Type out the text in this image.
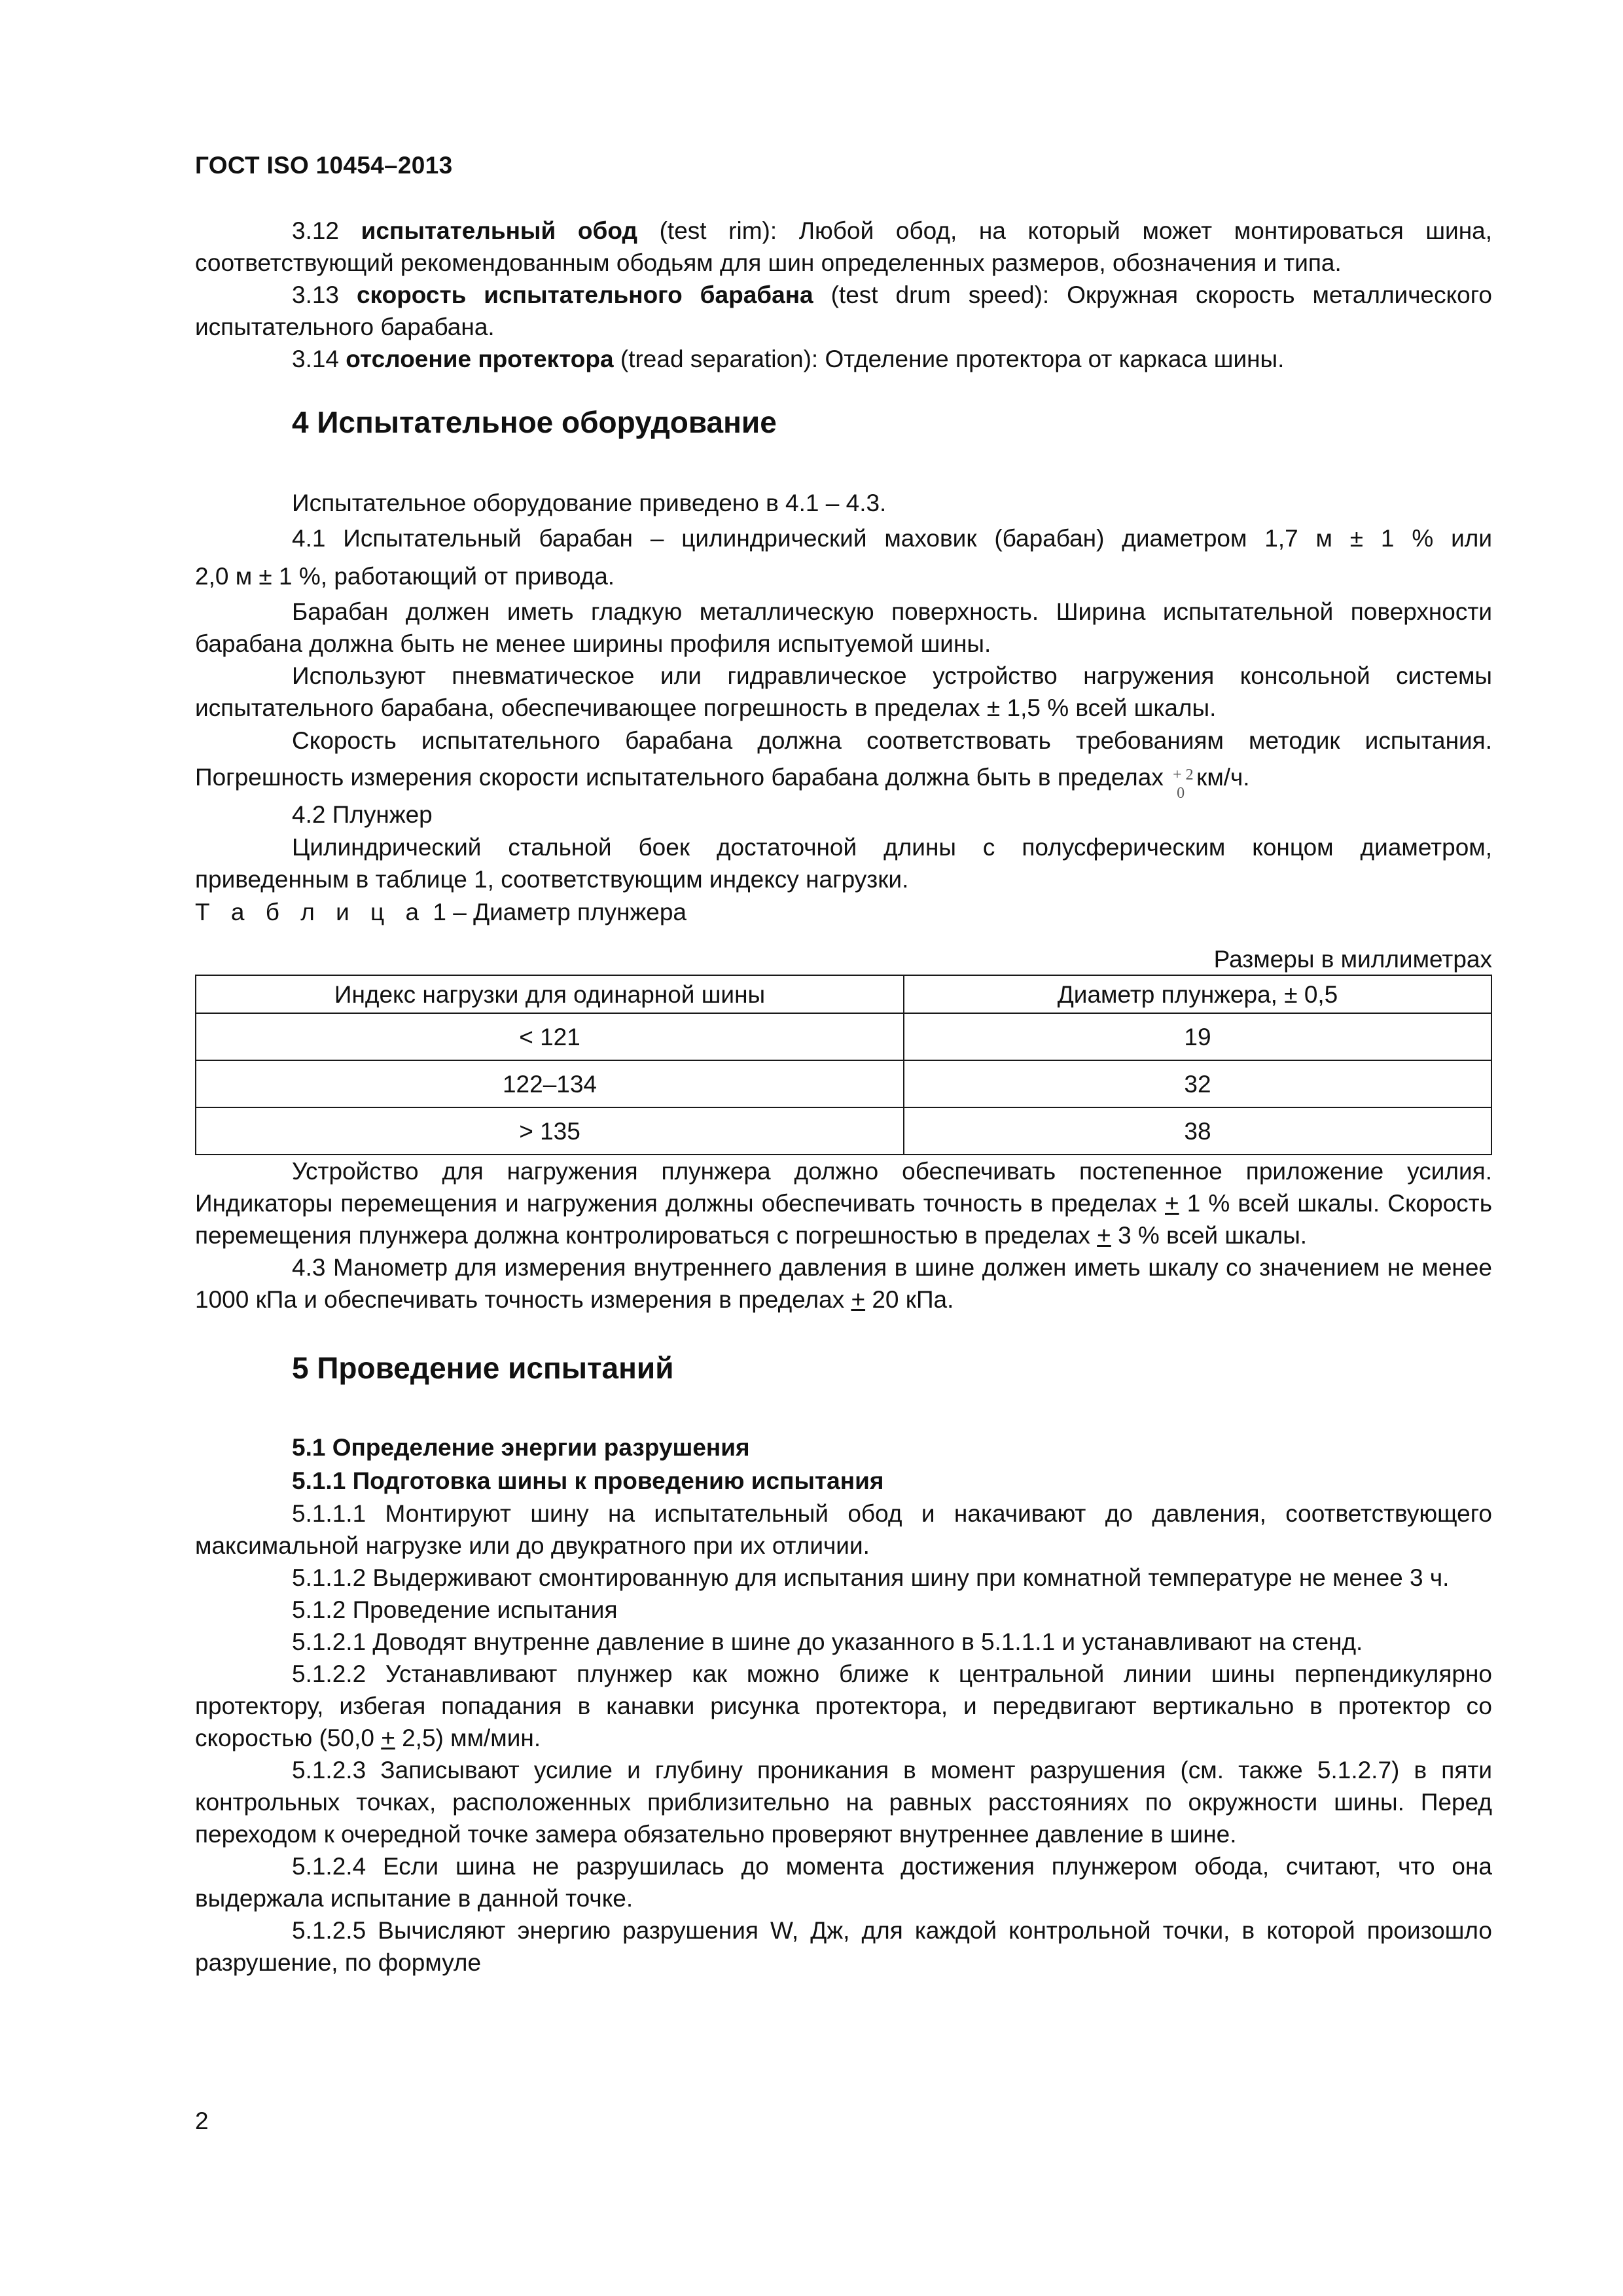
ГОСТ ISO 10454–2013

3.12 испытательный обод (test rim): Любой обод, на который может монтироваться шина, соответствующий рекомендованным ободьям для шин определенных размеров, обозначения и типа.

3.13 скорость испытательного барабана (test drum speed): Окружная скорость металлического испытательного барабана.

3.14 отслоение протектора (tread separation): Отделение протектора от каркаса шины.

4 Испытательное оборудование

Испытательное оборудование приведено в 4.1 – 4.3.

4.1 Испытательный барабан – цилиндрический маховик (барабан) диаметром 1,7 м ± 1 % или

2,0 м ± 1 %, работающий от привода.

Барабан должен иметь гладкую металлическую поверхность. Ширина испытательной поверхности барабана должна быть не менее ширины профиля испытуемой шины.

Используют пневматическое или гидравлическое устройство нагружения консольной системы испытательного барабана, обеспечивающее погрешность в пределах ± 1,5 % всей шкалы.

Скорость испытательного барабана должна соответствовать требованиям методик испытания.

Погрешность измерения скорости испытательного барабана должна быть в пределах + 2
0
км/ч.

4.2 Плунжер

Цилиндрический стальной боек достаточной длины с полусферическим концом диаметром, приведенным в таблице 1, соответствующим индексу нагрузки.

Т а б л и ц а 1 – Диаметр плунжера

Размеры в миллиметрах
Индекс нагрузки для одинарной шины	Диаметр плунжера, ± 0,5
< 121	19
122–134	32
> 135	38

Устройство для нагружения плунжера должно обеспечивать постепенное приложение усилия. Индикаторы перемещения и нагружения должны обеспечивать точность в пределах + 1 % всей шкалы. Скорость перемещения плунжера должна контролироваться с погрешностью в пределах + 3 % всей шкалы.

4.3 Манометр для измерения внутреннего давления в шине должен иметь шкалу со значением не менее 1000 кПа и обеспечивать точность измерения в пределах + 20 кПа.

5 Проведение испытаний
5.1 Определение энергии разрушения
5.1.1 Подготовка шины к проведению испытания

5.1.1.1 Монтируют шину на испытательный обод и накачивают до давления, соответствующего максимальной нагрузке или до двукратного при их отличии.

5.1.1.2 Выдерживают смонтированную для испытания шину при комнатной температуре не менее 3 ч.

5.1.2 Проведение испытания

5.1.2.1 Доводят внутренне давление в шине до указанного в 5.1.1.1 и устанавливают на стенд.

5.1.2.2 Устанавливают плунжер как можно ближе к центральной линии шины перпендикулярно протектору, избегая попадания в канавки рисунка протектора, и передвигают вертикально в протектор со скоростью (50,0 + 2,5) мм/мин.

5.1.2.3 Записывают усилие и глубину проникания в момент разрушения (см. также 5.1.2.7) в пяти контрольных точках, расположенных приблизительно на равных расстояниях по окружности шины. Перед переходом к очередной точке замера обязательно проверяют внутреннее давление в шине.

5.1.2.4 Если шина не разрушилась до момента достижения плунжером обода, считают, что она выдержала испытание в данной точке.

5.1.2.5 Вычисляют энергию разрушения W, Дж, для каждой контрольной точки, в которой произошло разрушение, по формуле

2
